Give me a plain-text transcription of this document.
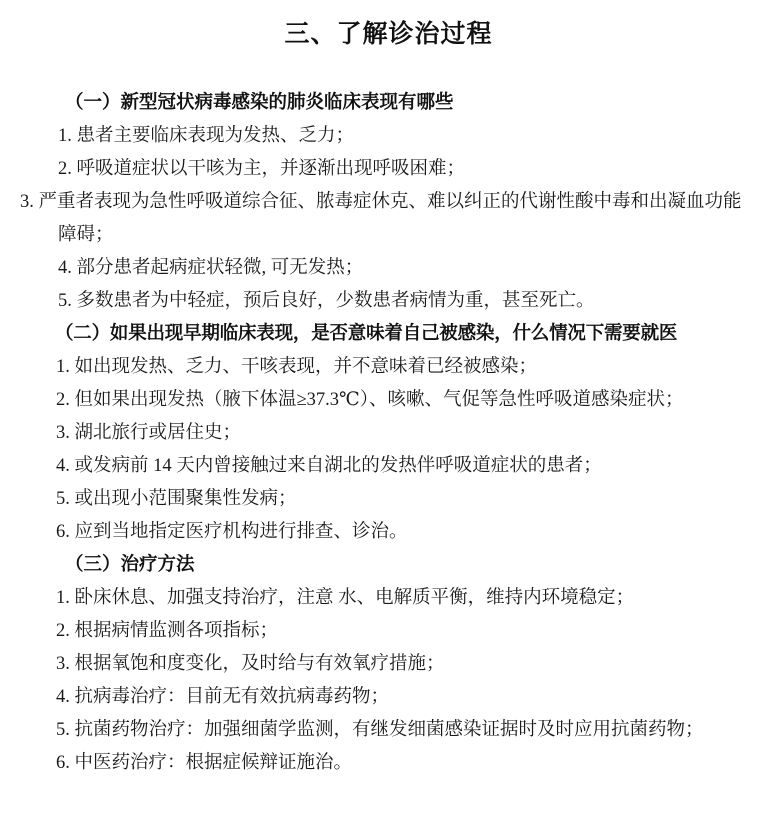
三、了解诊治过程
（一）新型冠状病毒感染的肺炎临床表现有哪些

1. 患者主要临床表现为发热、乏力；

2. 呼吸道症状以干咳为主，并逐渐出现呼吸困难；

3. 严重者表现为急性呼吸道综合征、脓毒症休克、难以纠正的代谢性酸中毒和出凝血功能障碍；

4. 部分患者起病症状轻微, 可无发热；

5. 多数患者为中轻症，预后良好，少数患者病情为重，甚至死亡。

（二）如果出现早期临床表现，是否意味着自己被感染，什么情况下需要就医

1. 如出现发热、乏力、干咳表现，并不意味着已经被感染；

2. 但如果出现发热（腋下体温≥37.3℃）、咳嗽、气促等急性呼吸道感染症状；

3. 湖北旅行或居住史；

4. 或发病前 14 天内曾接触过来自湖北的发热伴呼吸道症状的患者；

5. 或出现小范围聚集性发病；

6. 应到当地指定医疗机构进行排查、诊治。

（三）治疗方法

1. 卧床休息、加强支持治疗，注意 水、电解质平衡，维持内环境稳定；

2. 根据病情监测各项指标；

3. 根据氧饱和度变化，及时给与有效氧疗措施；

4. 抗病毒治疗：目前无有效抗病毒药物；

5. 抗菌药物治疗：加强细菌学监测，有继发细菌感染证据时及时应用抗菌药物；

6. 中医药治疗：根据症候辩证施治。
